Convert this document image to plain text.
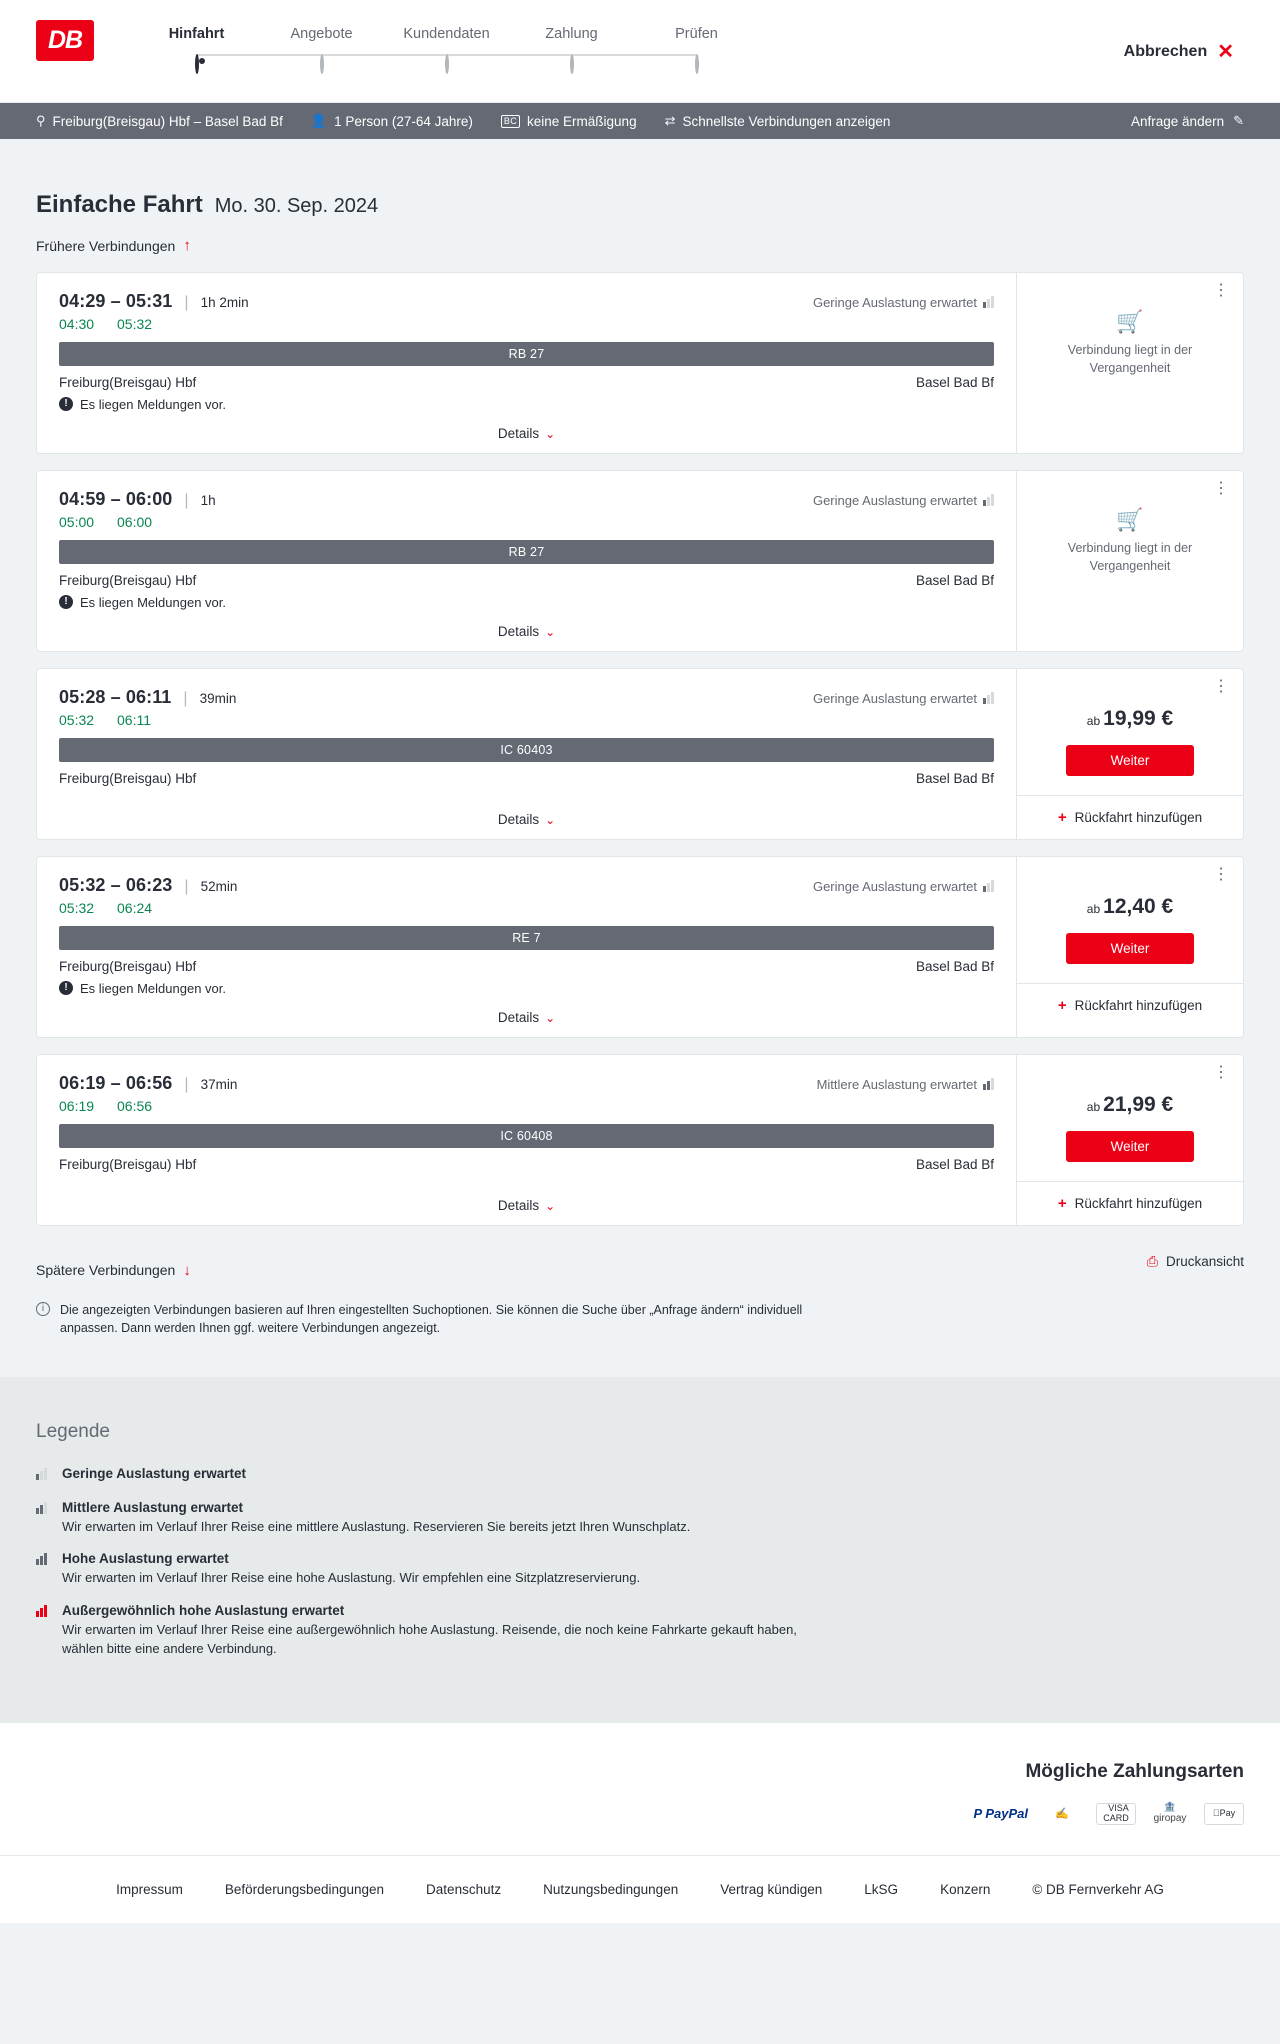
DB	Hinfahrt	Angebote	Kundendaten	Zahlung	Prüfen
Abbrechen ✕
⚲ Freiburg(Breisgau) Hbf – Basel Bad Bf 👤 1 Person (27-64 Jahre)	BC keine Ermäßigung ⇄ Schnellste Verbindungen anzeigen	Anfrage ändern ✎
Einfache Fahrt Mo. 30. Sep. 2024
Frühere Verbindungen ↑
04:29 – 05:31 | 1h 2min	Geringe Auslastung erwartet
04:30 05:32
RB 27
Freiburg(Breisgau) Hbf	Basel Bad Bf
! Es liegen Meldungen vor.
Details ⌄
⋮
🛒
Verbindung liegt in der Vergangenheit
04:59 – 06:00 | 1h	Geringe Auslastung erwartet
05:00 06:00
RB 27
Freiburg(Breisgau) Hbf	Basel Bad Bf
! Es liegen Meldungen vor.
Details ⌄
⋮
🛒
Verbindung liegt in der Vergangenheit
05:28 – 06:11 | 39min	Geringe Auslastung erwartet
05:32 06:11
IC 60403
Freiburg(Breisgau) Hbf	Basel Bad Bf
Details ⌄
⋮
ab 19,99 €
Weiter
+ Rückfahrt hinzufügen
05:32 – 06:23 | 52min	Geringe Auslastung erwartet
05:32 06:24
RE 7
Freiburg(Breisgau) Hbf	Basel Bad Bf
! Es liegen Meldungen vor.
Details ⌄
⋮
ab 12,40 €
Weiter
+ Rückfahrt hinzufügen
06:19 – 06:56 | 37min	Mittlere Auslastung erwartet
06:19 06:56
IC 60408
Freiburg(Breisgau) Hbf	Basel Bad Bf
Details ⌄
⋮
ab 21,99 €
Weiter
+ Rückfahrt hinzufügen
Spätere Verbindungen ↓
⎙ Druckansicht
i	Die angezeigten Verbindungen basieren auf Ihren eingestellten Suchoptionen. Sie können die Suche über „Anfrage ändern“ individuell anpassen. Dann werden Ihnen ggf. weitere Verbindungen angezeigt.
Legende
Geringe Auslastung erwartet
Mittlere Auslastung erwartet
Wir erwarten im Verlauf Ihrer Reise eine mittlere Auslastung. Reservieren Sie bereits jetzt Ihren Wunschplatz.
Hohe Auslastung erwartet
Wir erwarten im Verlauf Ihrer Reise eine hohe Auslastung. Wir empfehlen eine Sitzplatzreservierung.
Außergewöhnlich hohe Auslastung erwartet
Wir erwarten im Verlauf Ihrer Reise eine außergewöhnlich hohe Auslastung. Reisende, die noch keine Fahrkarte gekauft haben, wählen bitte eine andere Verbindung.
Mögliche Zahlungsarten
P PayPal	✍
VISA
CARD
🏦
giropay	Pay
Impressum	Beförderungsbedingungen	Datenschutz	Nutzungsbedingungen	Vertrag kündigen	LkSG	Konzern	© DB Fernverkehr AG
